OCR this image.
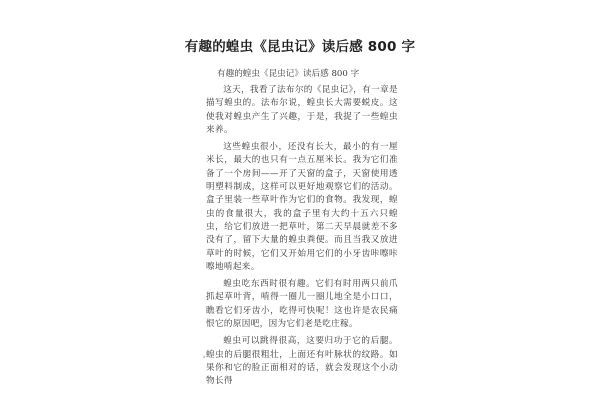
有趣的蝗虫《昆虫记》读后感 800 字
有趣的蝗虫《昆虫记》读后感 800 字

这天，我看了法布尔的《昆虫记》，有一章是描写蝗虫的。法布尔说，蝗虫长大需要蜕皮。这使我对蝗虫产生了兴趣，于是，我捉了一些蝗虫来养。

这些蝗虫很小，还没有长大，最小的有一厘米长，最大的也只有一点五厘米长。我为它们准备了一个房间——开了天窗的盒子，天窗使用透明塑料制成，这样可以更好地观察它们的活动。盒子里装一些草叶作为它们的食物。我发现，蝗虫的食量很大，我的盒子里有大约十五六只蝗虫，给它们放进一把草叶，第二天早晨就差不多没有了，留下大量的蝗虫粪便。而且当我又放进草叶的时候，它们又开始用它们的小牙齿咔嚓咔嚓地啃起来。

蝗虫吃东西时很有趣。它们有时用两只前爪抓起草叶背，啃得一圈儿一圈儿地全是小口口，瞧看它们牙齿小，吃得可快呢！这也许是农民痛恨它的原因吧，因为它们老是吃庄稼。

蝗虫可以跳得很高，这要归功于它的后腿。蝗虫的后腿很粗壮，上面还有叶脉状的纹路。如果你和它的脸正面相对的话，就会发现这个小动物长得
